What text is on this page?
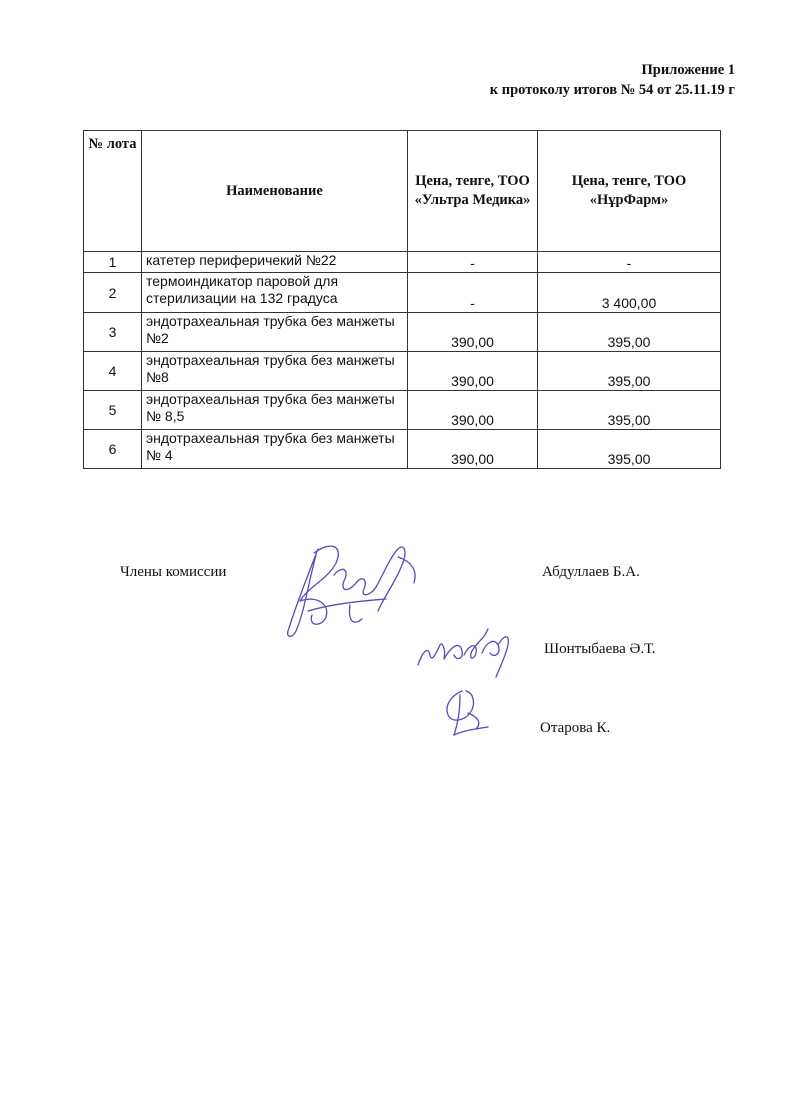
Приложение 1
к протоколу итогов № 54 от 25.11.19 г
№ лота	Наименование	Цена, тенге, ТОО «Ультра Медика»	Цена, тенге, ТОО «НұрФарм»
1	катетер периферичекий №22	-	-
2	термоиндикатор паровой для стерилизации на 132 градуса	-	3 400,00
3	эндотрахеальная трубка без манжеты №2	390,00	395,00
4	эндотрахеальная трубка без манжеты №8	390,00	395,00
5	эндотрахеальная трубка без манжеты № 8,5	390,00	395,00
6	эндотрахеальная трубка без манжеты № 4	390,00	395,00
Члены комиссии	Абдуллаев Б.А.
Шонтыбаева Ә.Т.
Отарова К.
